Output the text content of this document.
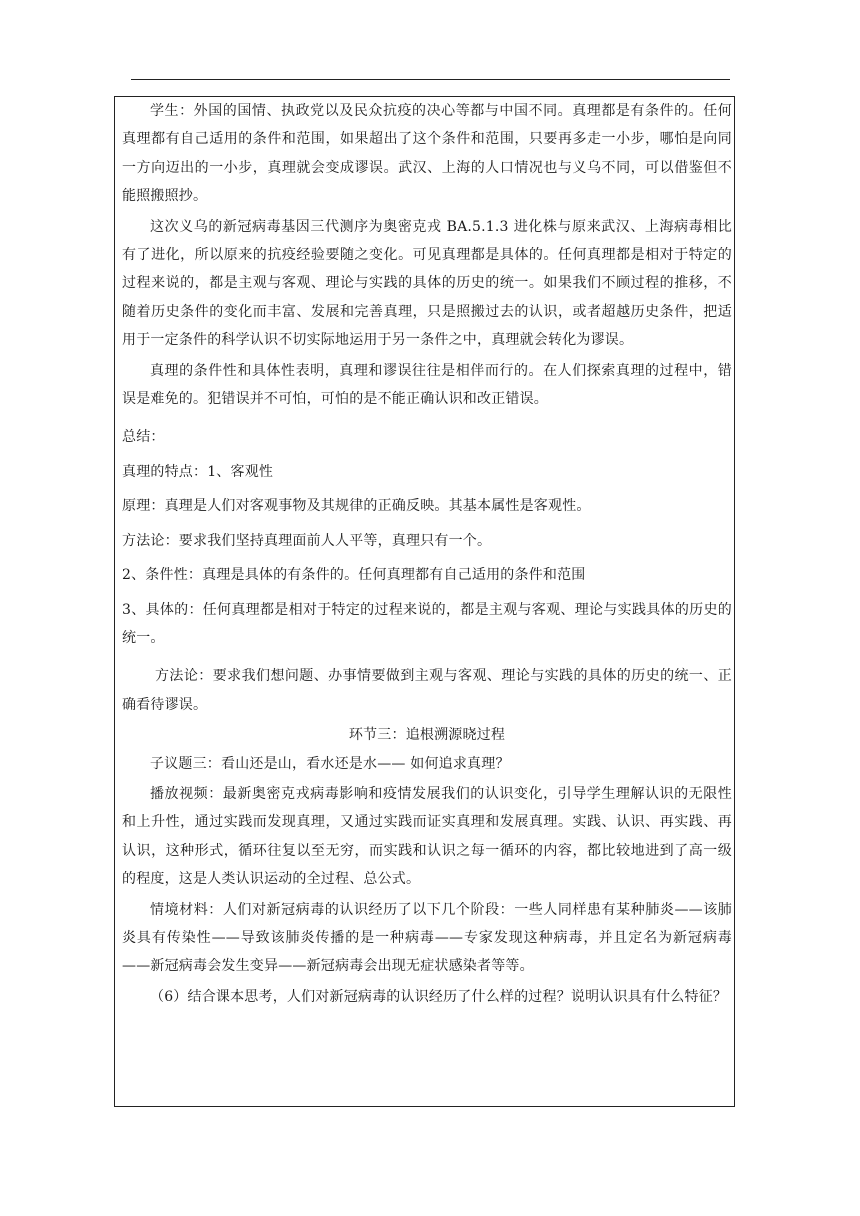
学生：外国的国情、执政党以及民众抗疫的决心等都与中国不同。真理都是有条件的。任何真理都有自己适用的条件和范围，如果超出了这个条件和范围，只要再多走一小步，哪怕是向同一方向迈出的一小步，真理就会变成谬误。武汉、上海的人口情况也与义乌不同，可以借鉴但不能照搬照抄。

这次义乌的新冠病毒基因三代测序为奥密克戎 BA.5.1.3 进化株与原来武汉、上海病毒相比有了进化，所以原来的抗疫经验要随之变化。可见真理都是具体的。任何真理都是相对于特定的过程来说的，都是主观与客观、理论与实践的具体的历史的统一。如果我们不顾过程的推移，不随着历史条件的变化而丰富、发展和完善真理，只是照搬过去的认识，或者超越历史条件，把适用于一定条件的科学认识不切实际地运用于另一条件之中，真理就会转化为谬误。

真理的条件性和具体性表明，真理和谬误往往是相伴而行的。在人们探索真理的过程中，错误是难免的。犯错误并不可怕，可怕的是不能正确认识和改正错误。

总结：

真理的特点：1、客观性

原理：真理是人们对客观事物及其规律的正确反映。其基本属性是客观性。

方法论：要求我们坚持真理面前人人平等，真理只有一个。

2、条件性：真理是具体的有条件的。任何真理都有自己适用的条件和范围

3、具体的：任何真理都是相对于特定的过程来说的，都是主观与客观、理论与实践具体的历史的统一。

方法论：要求我们想问题、办事情要做到主观与客观、理论与实践的具体的历史的统一、正确看待谬误。

环节三：追根溯源晓过程

子议题三：看山还是山，看水还是水—— 如何追求真理？

播放视频：最新奥密克戎病毒影响和疫情发展我们的认识变化，引导学生理解认识的无限性和上升性，通过实践而发现真理，又通过实践而证实真理和发展真理。实践、认识、再实践、再认识，这种形式，循环往复以至无穷，而实践和认识之每一循环的内容，都比较地进到了高一级的程度，这是人类认识运动的全过程、总公式。

情境材料：人们对新冠病毒的认识经历了以下几个阶段：一些人同样患有某种肺炎——该肺炎具有传染性——导致该肺炎传播的是一种病毒——专家发现这种病毒，并且定名为新冠病毒——新冠病毒会发生变异——新冠病毒会出现无症状感染者等等。

（6）结合课本思考，人们对新冠病毒的认识经历了什么样的过程？说明认识具有什么特征？
